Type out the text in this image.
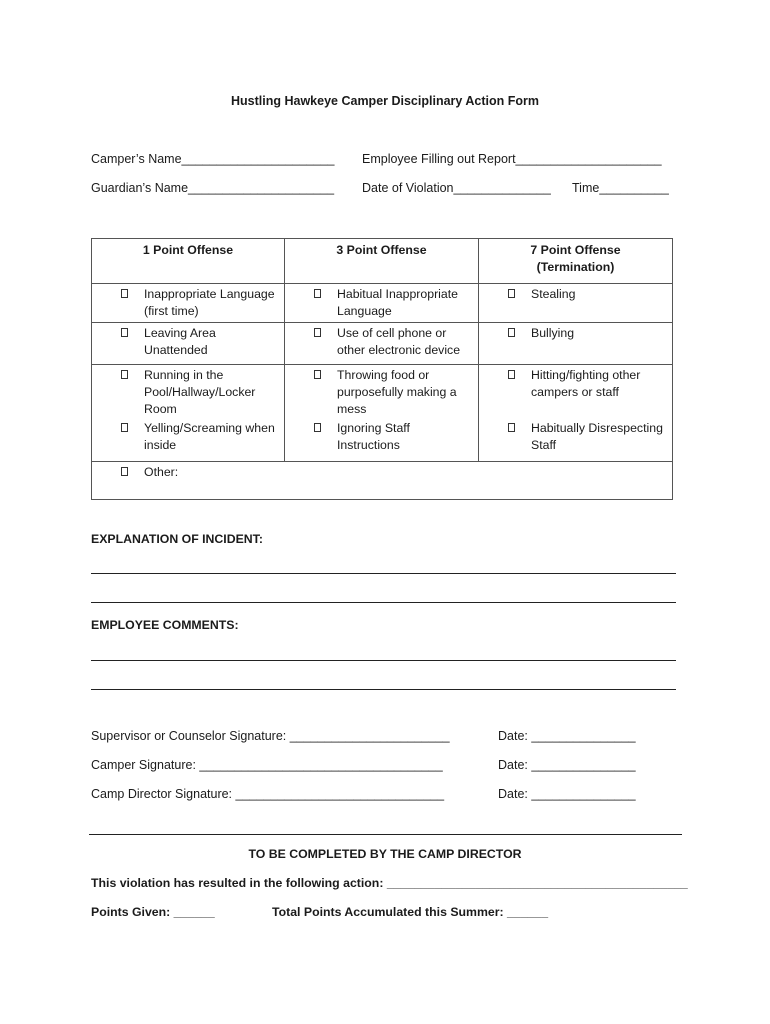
Hustling Hawkeye Camper Disciplinary Action Form
Camper’s Name______________________ Employee Filling out Report_____________________
Guardian’s Name_____________________ Date of Violation______________ Time__________
1 Point Offense	3 Point Offense	7 Point Offense
(Termination)

Inappropriate Language (first time)	Habitual Inappropriate Language	Stealing

Leaving Area Unattended	Use of cell phone or other electronic device	Bullying

Running in the Pool/Hallway/Locker Room	Throwing food or purposefully making a mess	Hitting/fighting other campers or staff

Yelling/Screaming when inside	Ignoring Staff Instructions	Habitually Disrespecting Staff

Other:		
EXPLANATION OF INCIDENT:
EMPLOYEE COMMENTS:
Supervisor or Counselor Signature: _______________________	Date: _______________
Camper Signature: ___________________________________	Date: _______________
Camp Director Signature: ______________________________	Date: _______________
TO BE COMPLETED BY THE CAMP DIRECTOR
This violation has resulted in the following action: ____________________________________________
Points Given: ______	Total Points Accumulated this Summer: ______
